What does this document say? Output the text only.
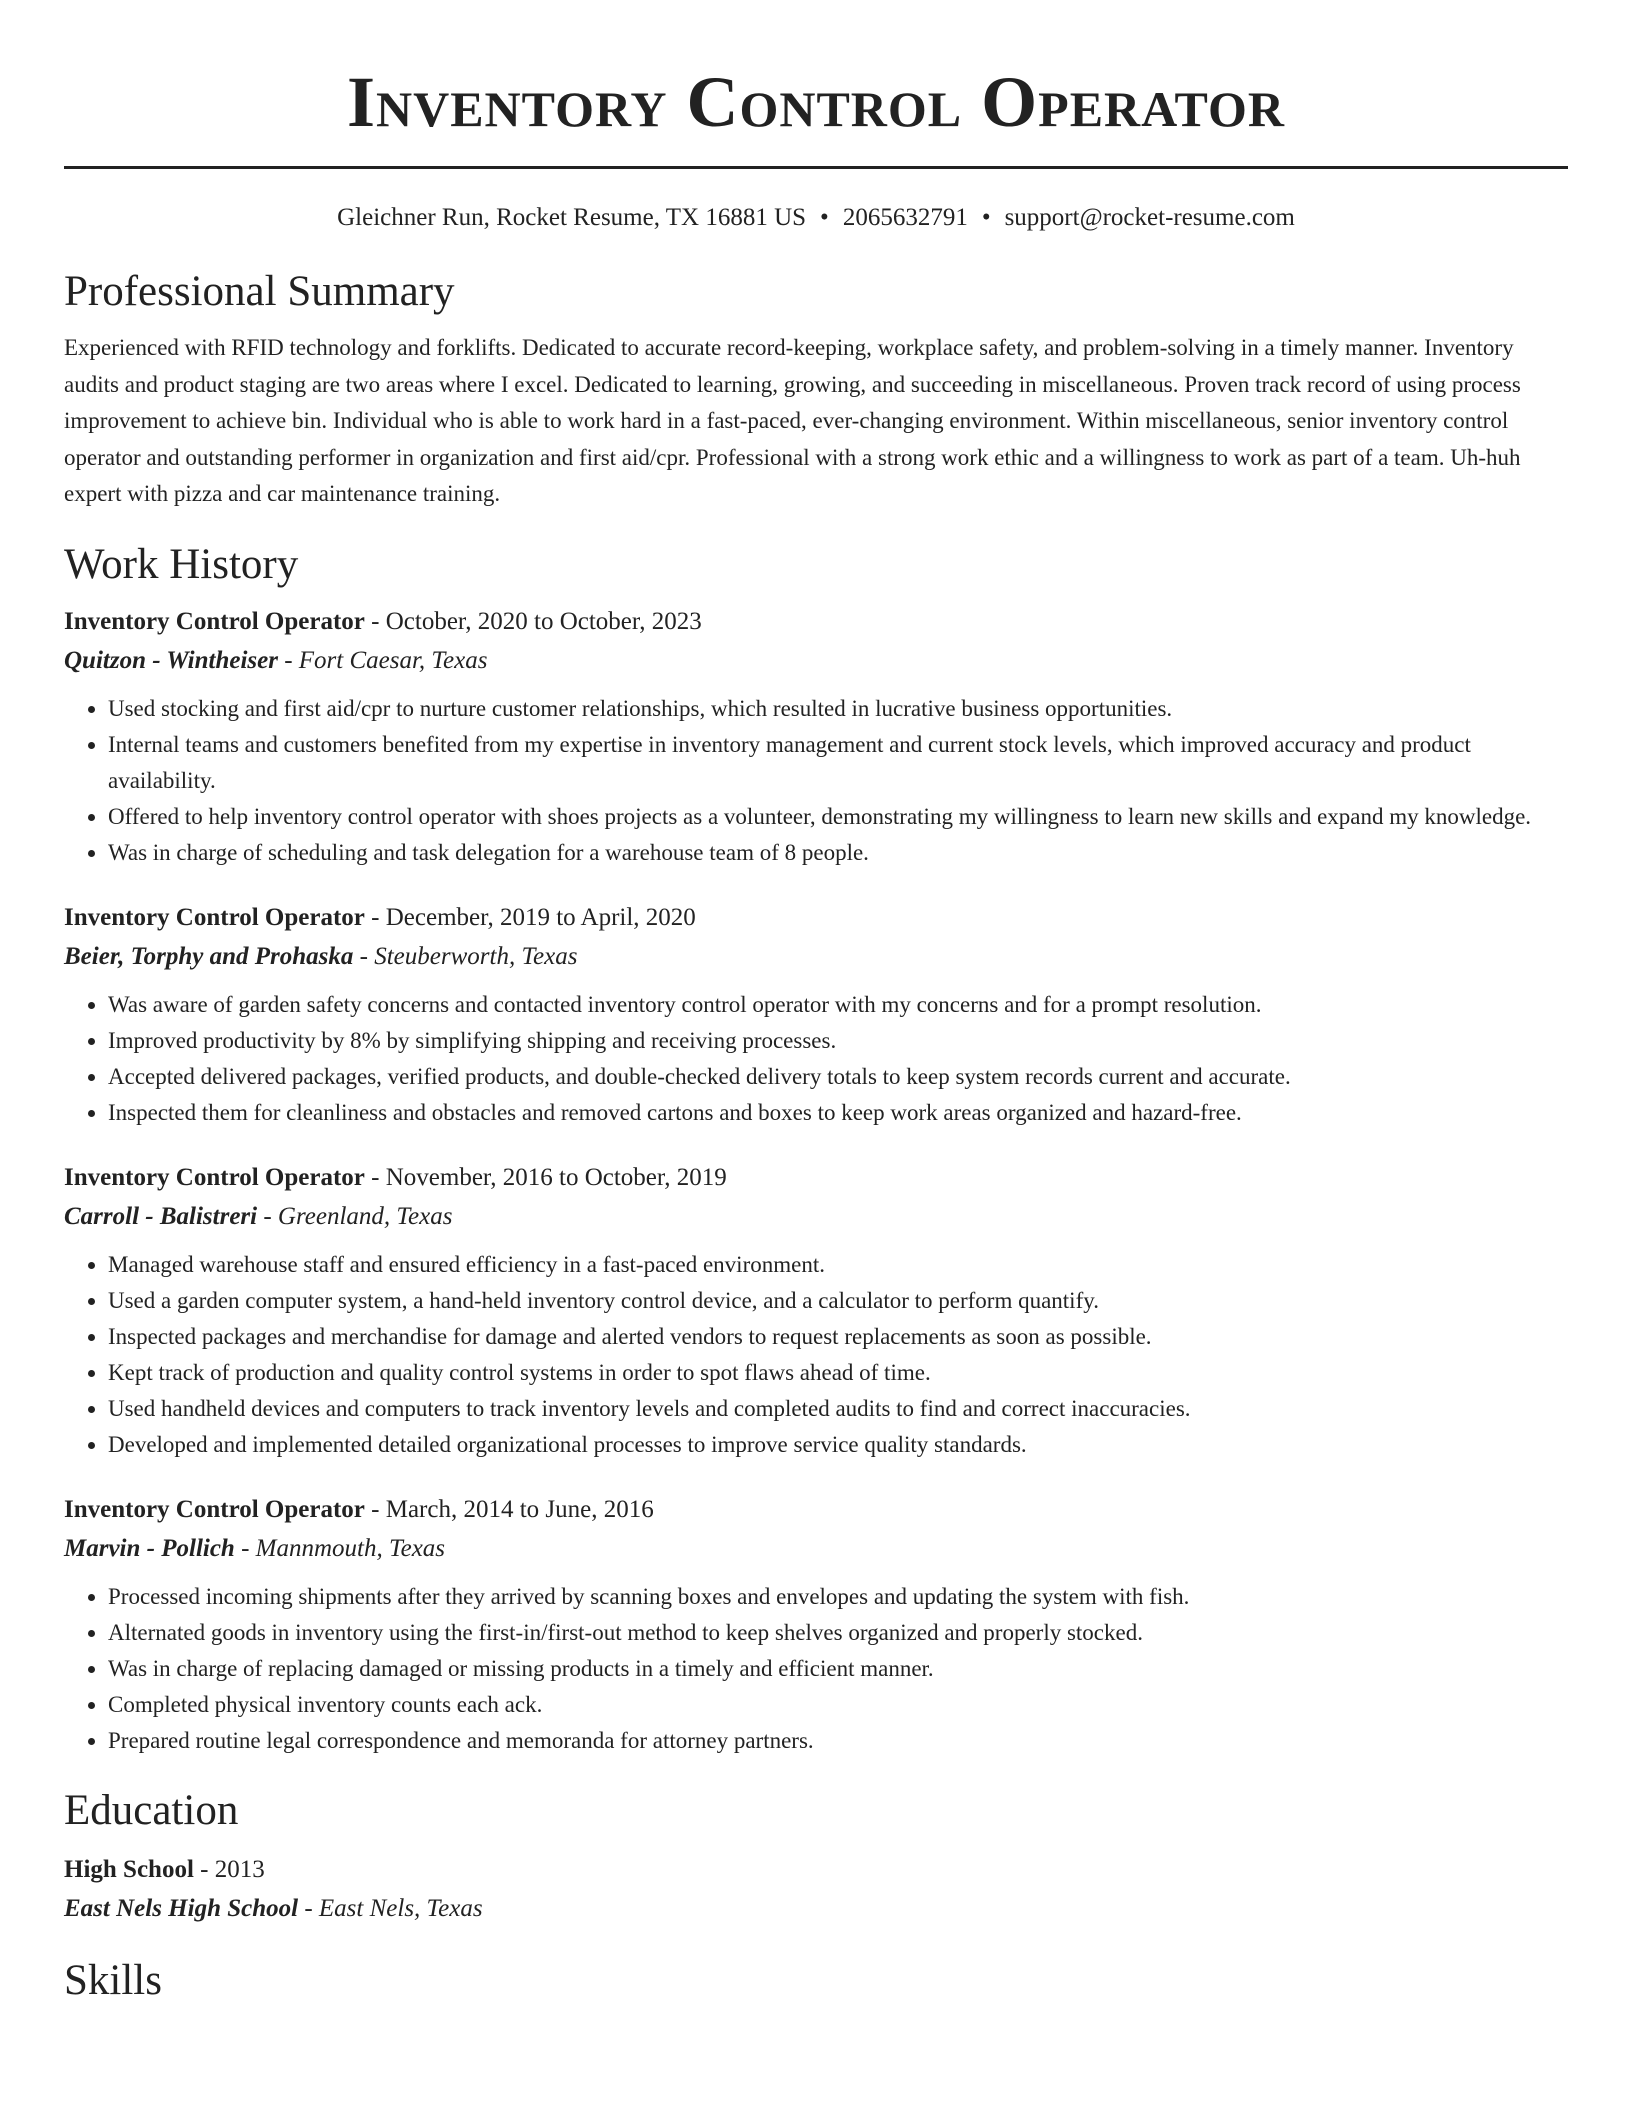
Inventory Control Operator
Gleichner Run, Rocket Resume, TX 16881 US • 2065632791 • support@rocket-resume.com
Professional Summary

Experienced with RFID technology and forklifts. Dedicated to accurate record-keeping, workplace safety, and problem-solving in a timely manner. Inventory audits and product staging are two areas where I excel. Dedicated to learning, growing, and succeeding in miscellaneous. Proven track record of using process improvement to achieve bin. Individual who is able to work hard in a fast-paced, ever-changing environment. Within miscellaneous, senior inventory control operator and outstanding performer in organization and first aid/cpr. Professional with a strong work ethic and a willingness to work as part of a team. Uh-huh expert with pizza and car maintenance training.

Work History
Inventory Control Operator - October, 2020 to October, 2023
Quitzon - Wintheiser - Fort Caesar, Texas
• Used stocking and first aid/cpr to nurture customer relationships, which resulted in lucrative business opportunities.
• Internal teams and customers benefited from my expertise in inventory management and current stock levels, which improved accuracy and product availability.
• Offered to help inventory control operator with shoes projects as a volunteer, demonstrating my willingness to learn new skills and expand my knowledge.
• Was in charge of scheduling and task delegation for a warehouse team of 8 people.
Inventory Control Operator - December, 2019 to April, 2020
Beier, Torphy and Prohaska - Steuberworth, Texas
• Was aware of garden safety concerns and contacted inventory control operator with my concerns and for a prompt resolution.
• Improved productivity by 8% by simplifying shipping and receiving processes.
• Accepted delivered packages, verified products, and double-checked delivery totals to keep system records current and accurate.
• Inspected them for cleanliness and obstacles and removed cartons and boxes to keep work areas organized and hazard-free.
Inventory Control Operator - November, 2016 to October, 2019
Carroll - Balistreri - Greenland, Texas
• Managed warehouse staff and ensured efficiency in a fast-paced environment.
• Used a garden computer system, a hand-held inventory control device, and a calculator to perform quantify.
• Inspected packages and merchandise for damage and alerted vendors to request replacements as soon as possible.
• Kept track of production and quality control systems in order to spot flaws ahead of time.
• Used handheld devices and computers to track inventory levels and completed audits to find and correct inaccuracies.
• Developed and implemented detailed organizational processes to improve service quality standards.
Inventory Control Operator - March, 2014 to June, 2016
Marvin - Pollich - Mannmouth, Texas
• Processed incoming shipments after they arrived by scanning boxes and envelopes and updating the system with fish.
• Alternated goods in inventory using the first-in/first-out method to keep shelves organized and properly stocked.
• Was in charge of replacing damaged or missing products in a timely and efficient manner.
• Completed physical inventory counts each ack.
• Prepared routine legal correspondence and memoranda for attorney partners.
Education
High School - 2013
East Nels High School - East Nels, Texas
Skills
